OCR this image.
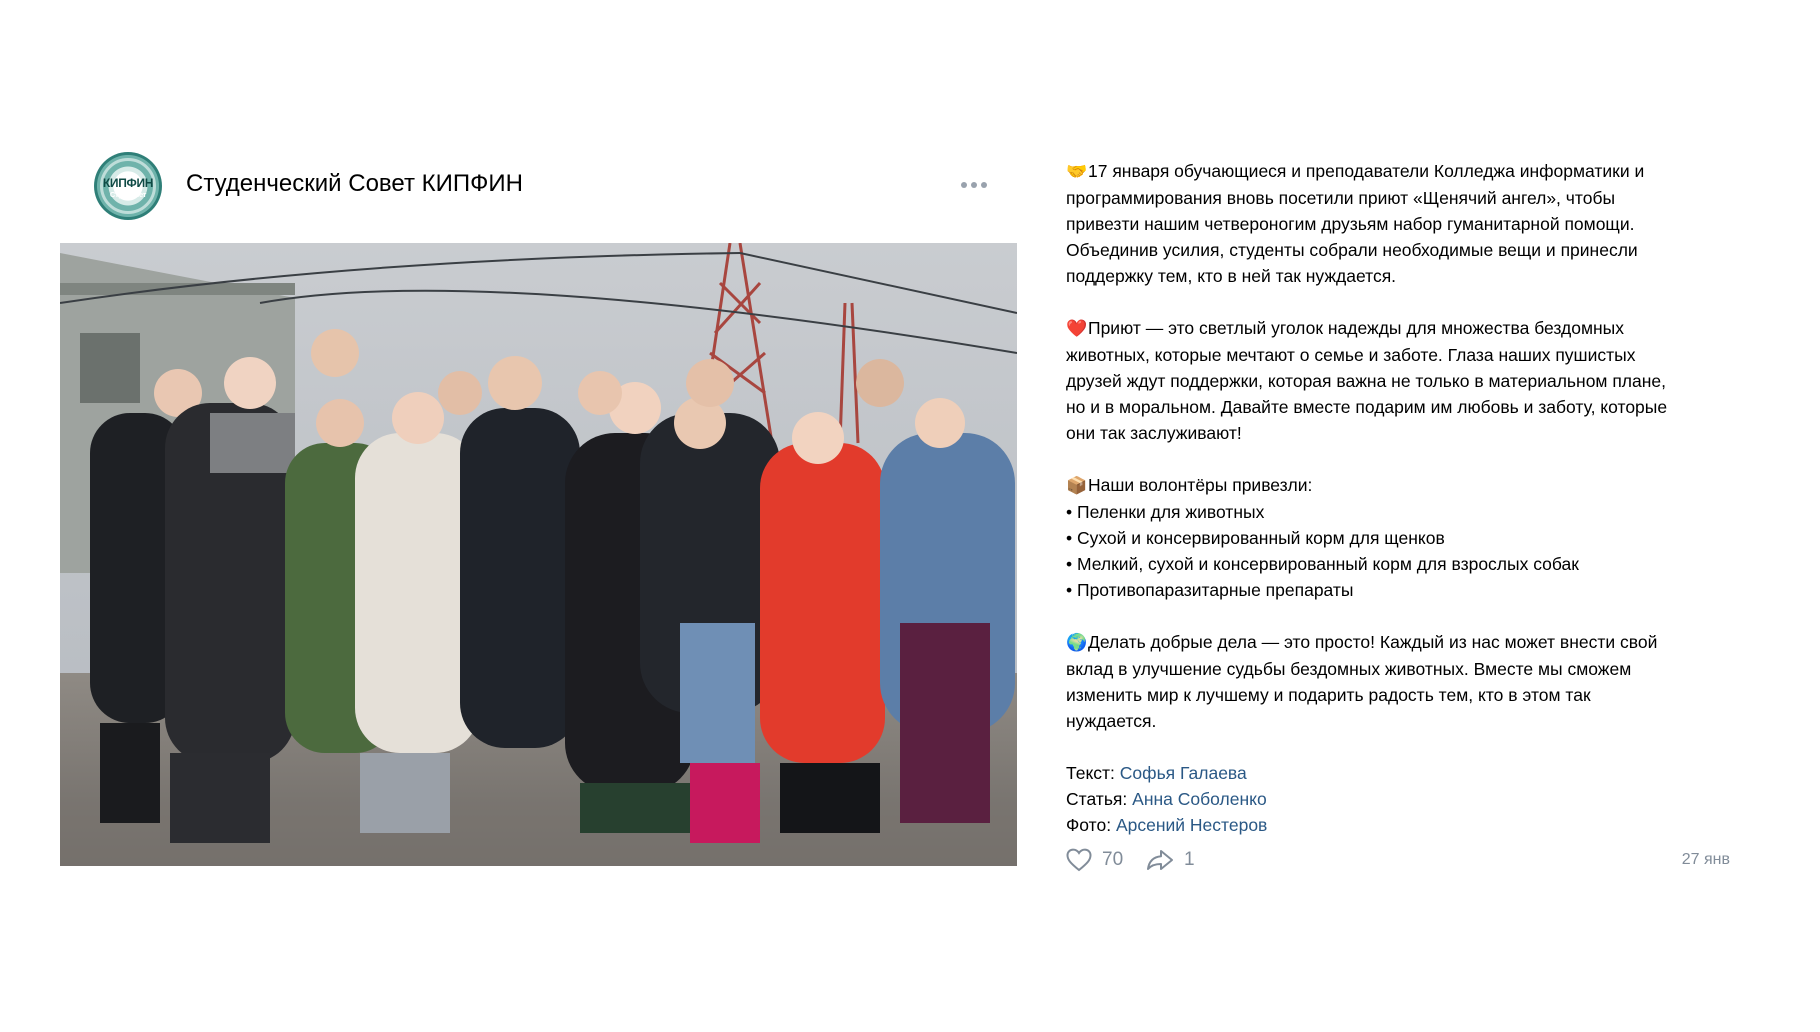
КИПФИН
Студсовет	Студенческий Совет КИПФИН	🤝17 января обучающиеся и преподаватели Колледжа информатики и

программирования вновь посетили приют «Щенячий ангел», чтобы

привезти нашим четвероногим друзьям набор гуманитарной помощи.

Объединив усилия, студенты собрали необходимые вещи и принесли

поддержку тем, кто в ней так нуждается.

❤️Приют — это светлый уголок надежды для множества бездомных

животных, которые мечтают о семье и заботе. Глаза наших пушистых

друзей ждут поддержки, которая важна не только в материальном плане,

но и в моральном. Давайте вместе подарим им любовь и заботу, которые

они так заслуживают!

📦Наши волонтёры привезли:

• Пеленки для животных

• Сухой и консервированный корм для щенков

• Мелкий, сухой и консервированный корм для взрослых собак

• Противопаразитарные препараты

🌍Делать добрые дела — это просто! Каждый из нас может внести свой

вклад в улучшение судьбы бездомных животных. Вместе мы сможем

изменить мир к лучшему и подарить радость тем, кто в этом так

нуждается.

Текст: Софья Галаева

Статья: Анна Соболенко

Фото: Арсений Нестеров

70	1	27 янв
